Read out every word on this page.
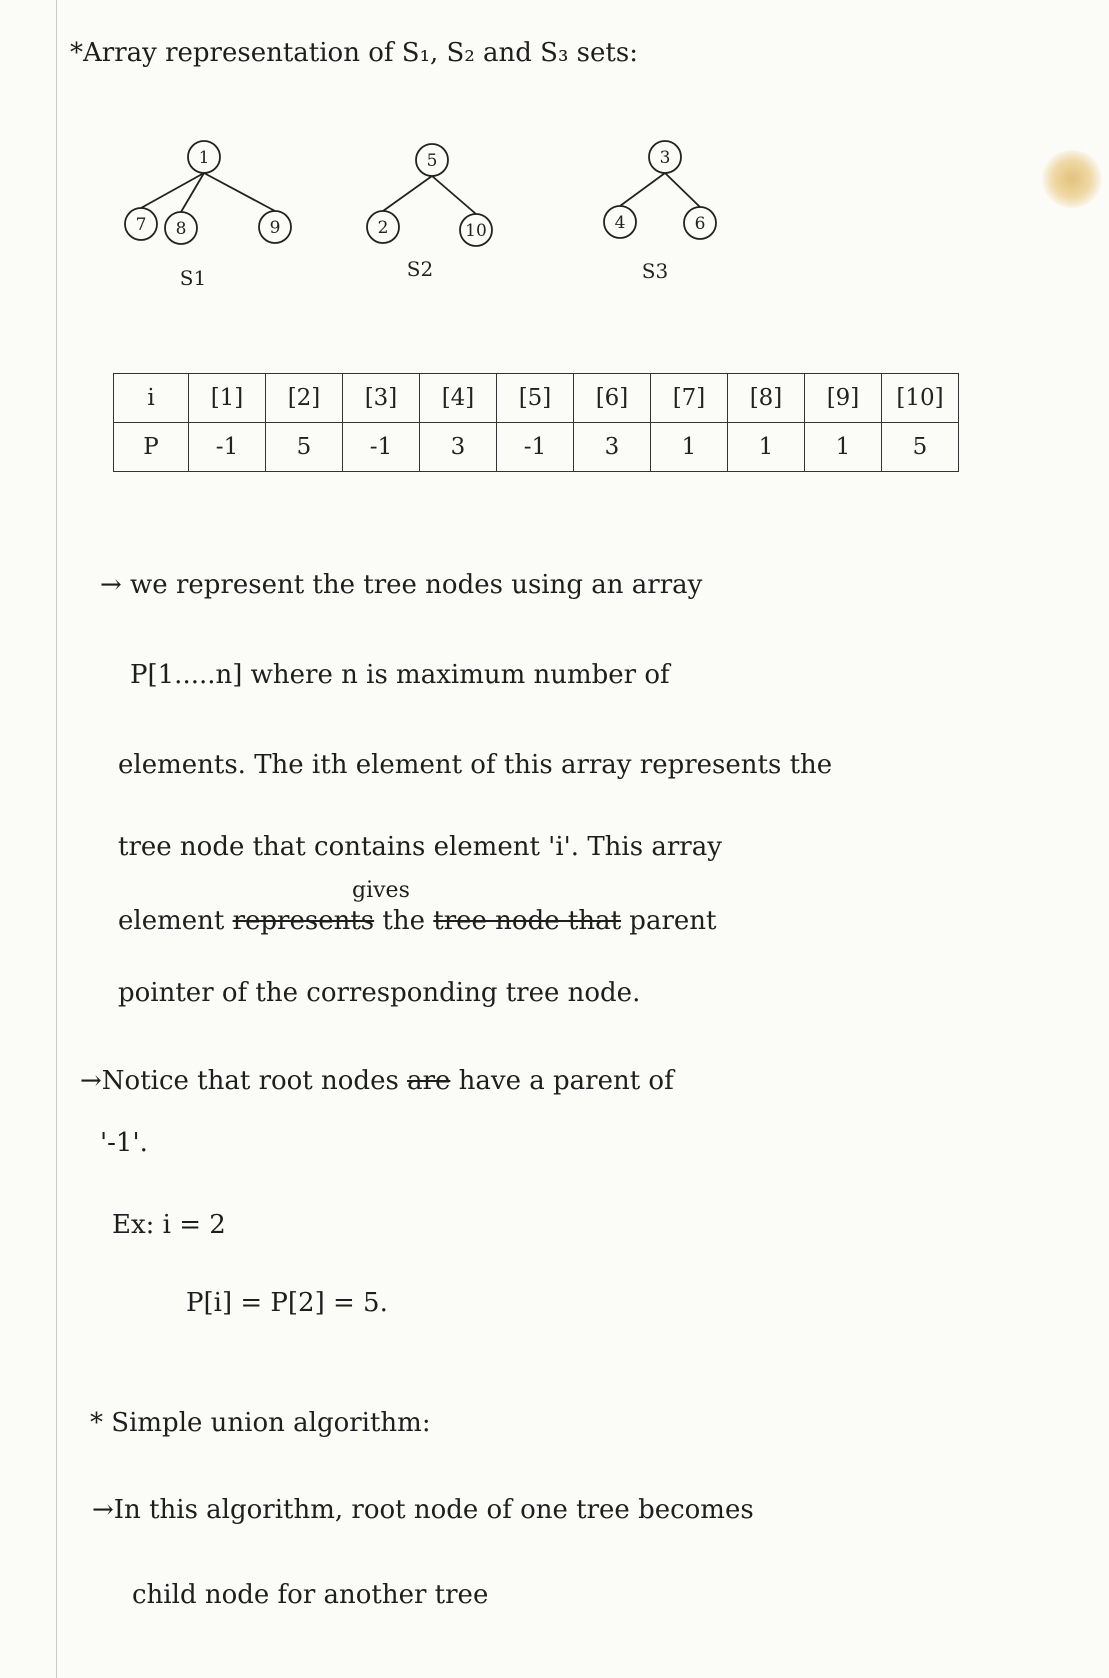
*Array representation of S₁, S₂ and S₃ sets:
1
7 8	9
S1
5
2	10
S2
3
4	6
S3
i	[1]	[2]	[3]	[4]	[5]	[6]	[7]	[8]	[9]	[10]
P	-1	5	-1	3	-1	3	1	1	1	5
→ we represent the tree nodes using an array
P[1.....n] where n is maximum number of
elements. The ith element of this array represents the
tree node that contains element 'i'. This array
gives
element represents the tree node that parent
pointer of the corresponding tree node.
→Notice that root nodes are have a parent of
'-1'.
Ex: i = 2
P[i] = P[2] = 5.
* Simple union algorithm:
→In this algorithm, root node of one tree becomes
child node for another tree
